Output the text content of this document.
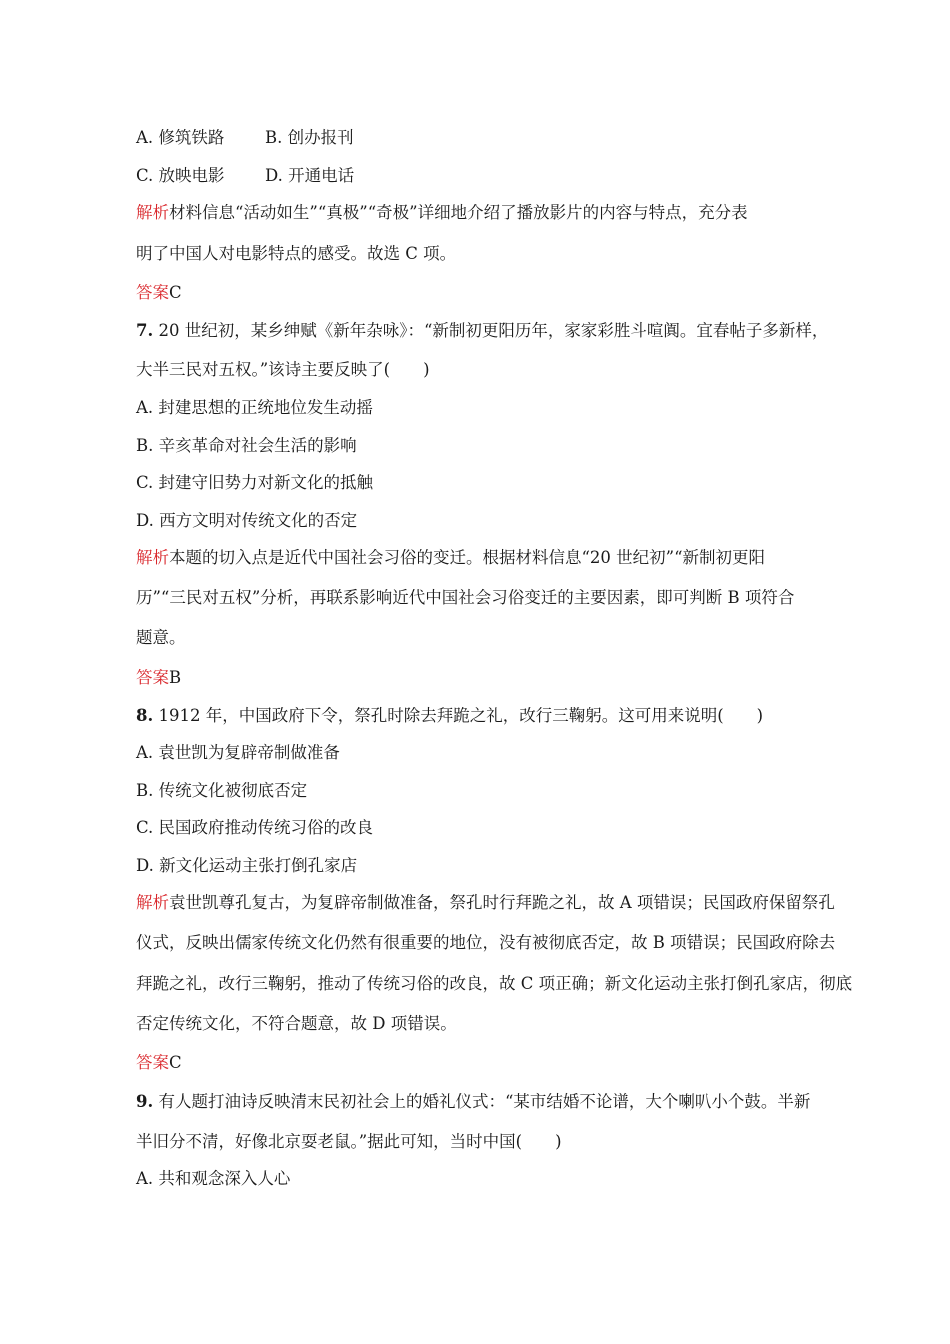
A. 修筑铁路 B. 创办报刊
C. 放映电影 D. 开通电话
解析材料信息“活动如生”“真极”“奇极”详细地介绍了播放影片的内容与特点，充分表
明了中国人对电影特点的感受。故选 C 项。
答案C
7. 20 世纪初，某乡绅赋《新年杂咏》：“新制初更阳历年，家家彩胜斗喧阗。宜春帖子多新样，
大半三民对五权。”该诗主要反映了(　　)
A. 封建思想的正统地位发生动摇
B. 辛亥革命对社会生活的影响
C. 封建守旧势力对新文化的抵触
D. 西方文明对传统文化的否定
解析本题的切入点是近代中国社会习俗的变迁。根据材料信息“20 世纪初”“新制初更阳
历”“三民对五权”分析，再联系影响近代中国社会习俗变迁的主要因素，即可判断 B 项符合
题意。
答案B
8. 1912 年，中国政府下令，祭孔时除去拜跪之礼，改行三鞠躬。这可用来说明(　　)
A. 袁世凯为复辟帝制做准备
B. 传统文化被彻底否定
C. 民国政府推动传统习俗的改良
D. 新文化运动主张打倒孔家店
解析袁世凯尊孔复古，为复辟帝制做准备，祭孔时行拜跪之礼，故 A 项错误；民国政府保留祭孔
仪式，反映出儒家传统文化仍然有很重要的地位，没有被彻底否定，故 B 项错误；民国政府除去
拜跪之礼，改行三鞠躬，推动了传统习俗的改良，故 C 项正确；新文化运动主张打倒孔家店，彻底
否定传统文化，不符合题意，故 D 项错误。
答案C
9. 有人题打油诗反映清末民初社会上的婚礼仪式：“某市结婚不论谱，大个喇叭小个鼓。半新
半旧分不清，好像北京耍老鼠。”据此可知，当时中国(　　)
A. 共和观念深入人心
